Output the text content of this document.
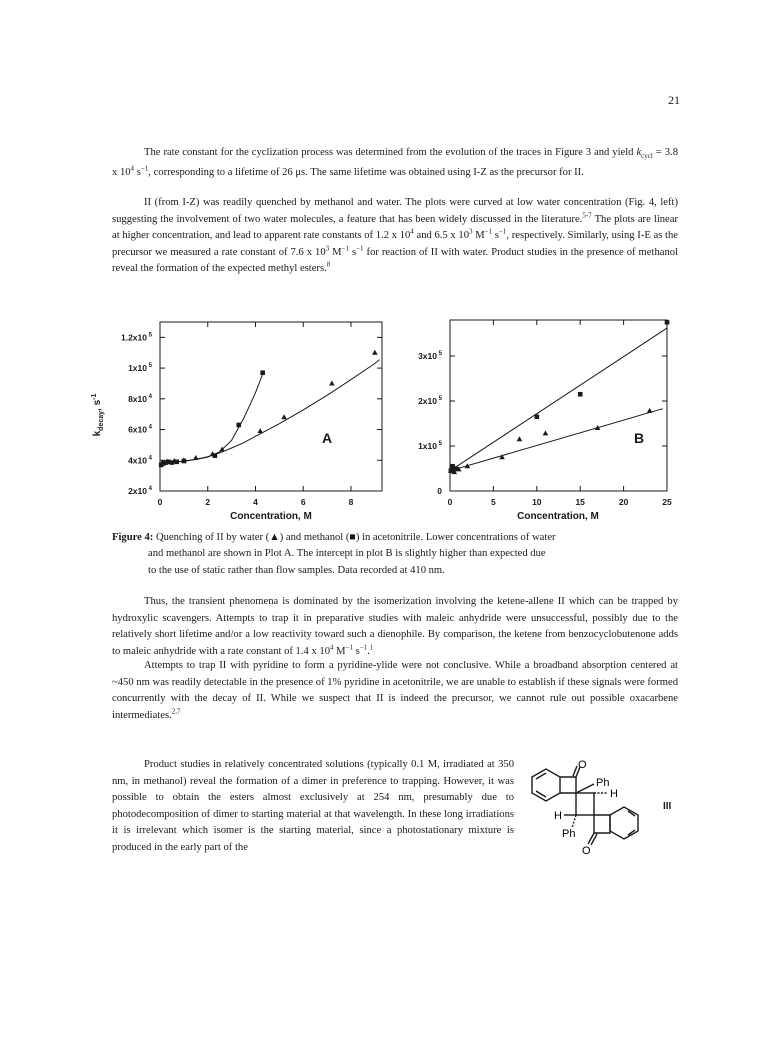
21

The rate constant for the cyclization process was determined from the evolution of the traces in Figure 3 and yield $k_{cycl} = 3.8$ x $10^4$ $s^{-1}$, corresponding to a lifetime of 26 μs. The same lifetime was obtained using I-Z as the precursor for II.

II (from I-Z) was readily quenched by methanol and water. The plots were curved at low water concentration (Fig. 4, left) suggesting the involvement of two water molecules, a feature that has been widely discussed in the literature.$^{5-7}$ The plots are linear at higher concentration, and lead to apparent rate constants of 1.2 x $10^4$ and 6.5 x $10^3$ $M^{-1}$ $s^{-1}$, respectively. Similarly, using I-E as the precursor we measured a rate constant of 7.6 x $10^3$ $M^{-1}$ $s^{-1}$ for reaction of II with water. Product studies in the presence of methanol reveal the formation of the expected methyl esters.$^8$

2x10 $^4$
4x10 $^4$
6x10 $^4$
8x10 $^4$
1x10 $^5$
1.2x10 $^5$
0	2	4	6	8
A
Concentration, M
$k_{decay}$, $s^{-1}$
0
1x10 $^5$
2x10 $^5$
3x10 $^5$
0	5	10	15	20	25
B
Concentration, M

Figure 4: Quenching of II by water (▲) and methanol (■) in acetonitrile. Lower concentrations of water
and methanol are shown in Plot A. The intercept in plot B is slightly higher than expected due
to the use of static rather than flow samples. Data recorded at 410 nm.

Thus, the transient phenomena is dominated by the isomerization involving the ketene-allene II which can be trapped by hydroxylic scavengers. Attempts to trap it in preparative studies with maleic anhydride were unsuccessful, possibly due to the relatively short lifetime and/or a low reactivity toward such a dienophile. By comparison, the ketene from benzocyclobutenone adds to maleic anhydride with a rate constant of 1.4 x $10^4$ $M^{-1}$ $s^{-1}.^1$

Attempts to trap II with pyridine to form a pyridine-ylide were not conclusive. While a broadband absorption centered at ~450 nm was readily detectable in the presence of 1% pyridine in acetonitrile, we are unable to establish if these signals were formed concurrently with the decay of II. While we suspect that II is indeed the precursor, we cannot rule out possible oxacarbene intermediates.$^{2,7}$

Product studies in relatively concentrated solutions (typically 0.1 M, irradiated at 350 nm, in methanol) reveal the formation of a dimer in preference to trapping. However, it was possible to obtain the esters almost exclusively at 254 nm, presumably due to photodecomposition of dimer to starting material at that wavelength. In these long irradiations it is irrelevant which isomer is the starting material, since a photostationary mixture is produced in the early part of the

O
Ph
H
H
Ph
O
III
